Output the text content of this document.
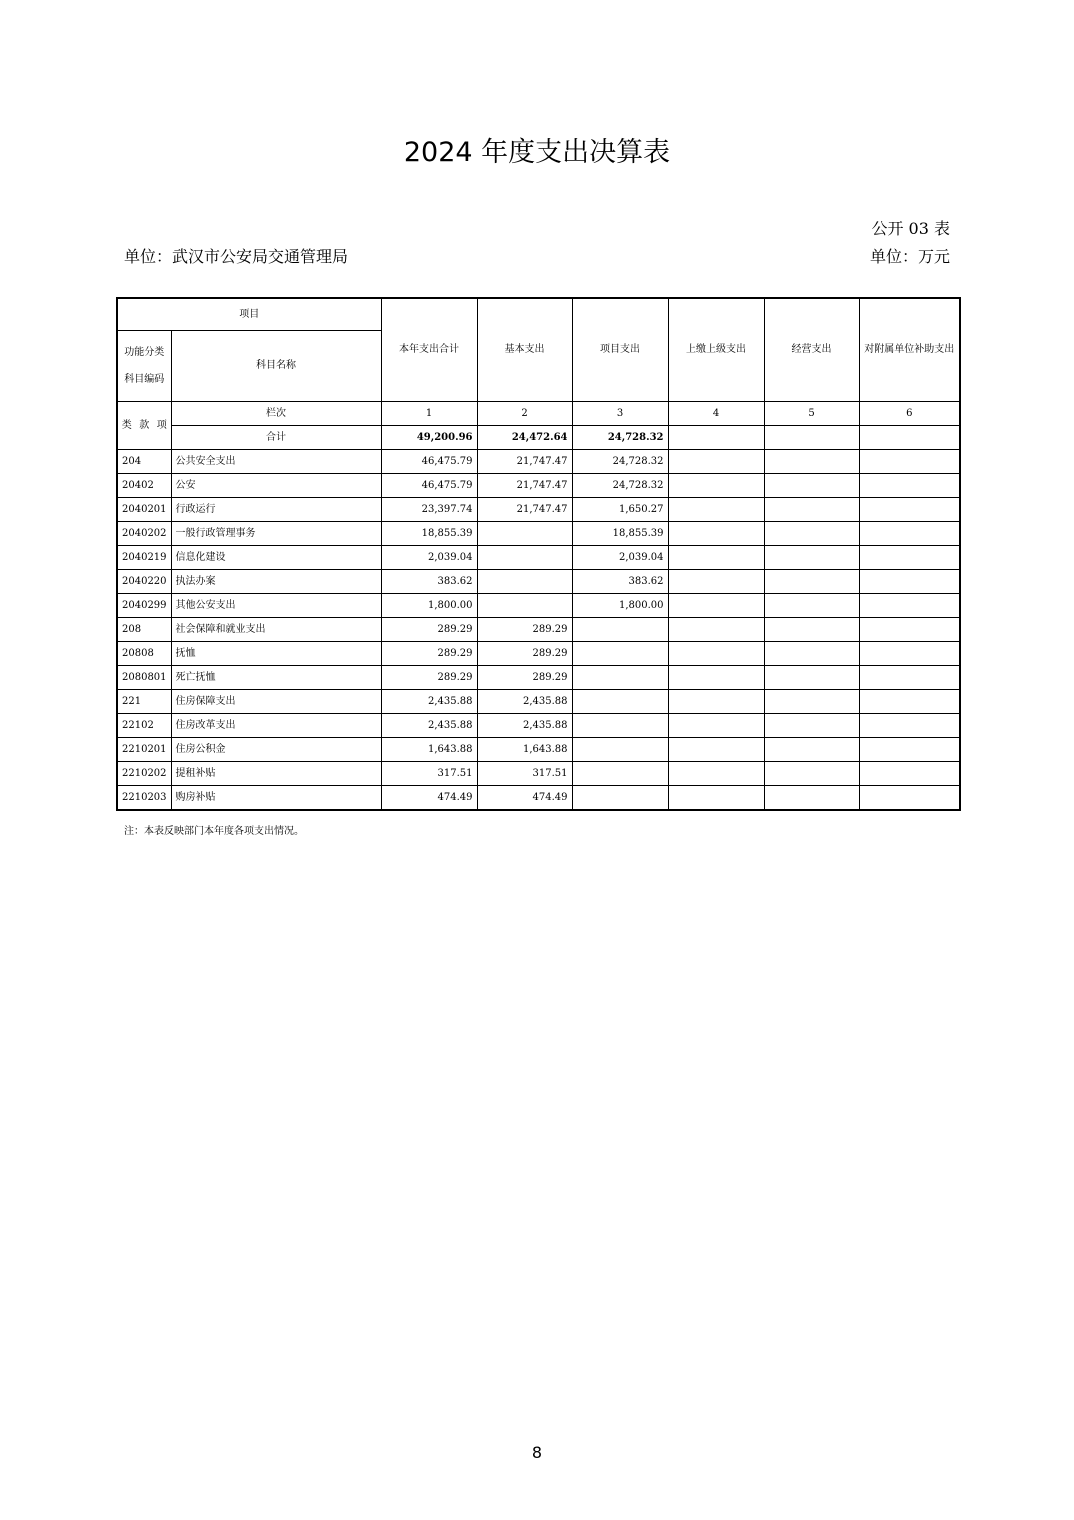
2024 年度支出决算表
公开 03 表
单位：武汉市公安局交通管理局	单位：万元
项目		本年支出合计	基本支出	项目支出	上缴上级支出	经营支出	对附属单位补助支出
功能分类科目编码	科目名称						

类 款 项	栏次	1	2	3	4	5	6
	合计	49,200.96	24,472.64	24,728.32			
204	公共安全支出	46,475.79	21,747.47	24,728.32			
20402	公安	46,475.79	21,747.47	24,728.32			
2040201	行政运行	23,397.74	21,747.47	1,650.27			
2040202	一般行政管理事务	18,855.39		18,855.39			
2040219	信息化建设	2,039.04		2,039.04			
2040220	执法办案	383.62		383.62			
2040299	其他公安支出	1,800.00		1,800.00			
208	社会保障和就业支出	289.29	289.29				
20808	抚恤	289.29	289.29				
2080801	死亡抚恤	289.29	289.29				
221	住房保障支出	2,435.88	2,435.88				
22102	住房改革支出	2,435.88	2,435.88				
2210201	住房公积金	1,643.88	1,643.88				
2210202	提租补贴	317.51	317.51				
2210203	购房补贴	474.49	474.49				
注：本表反映部门本年度各项支出情况。
8
